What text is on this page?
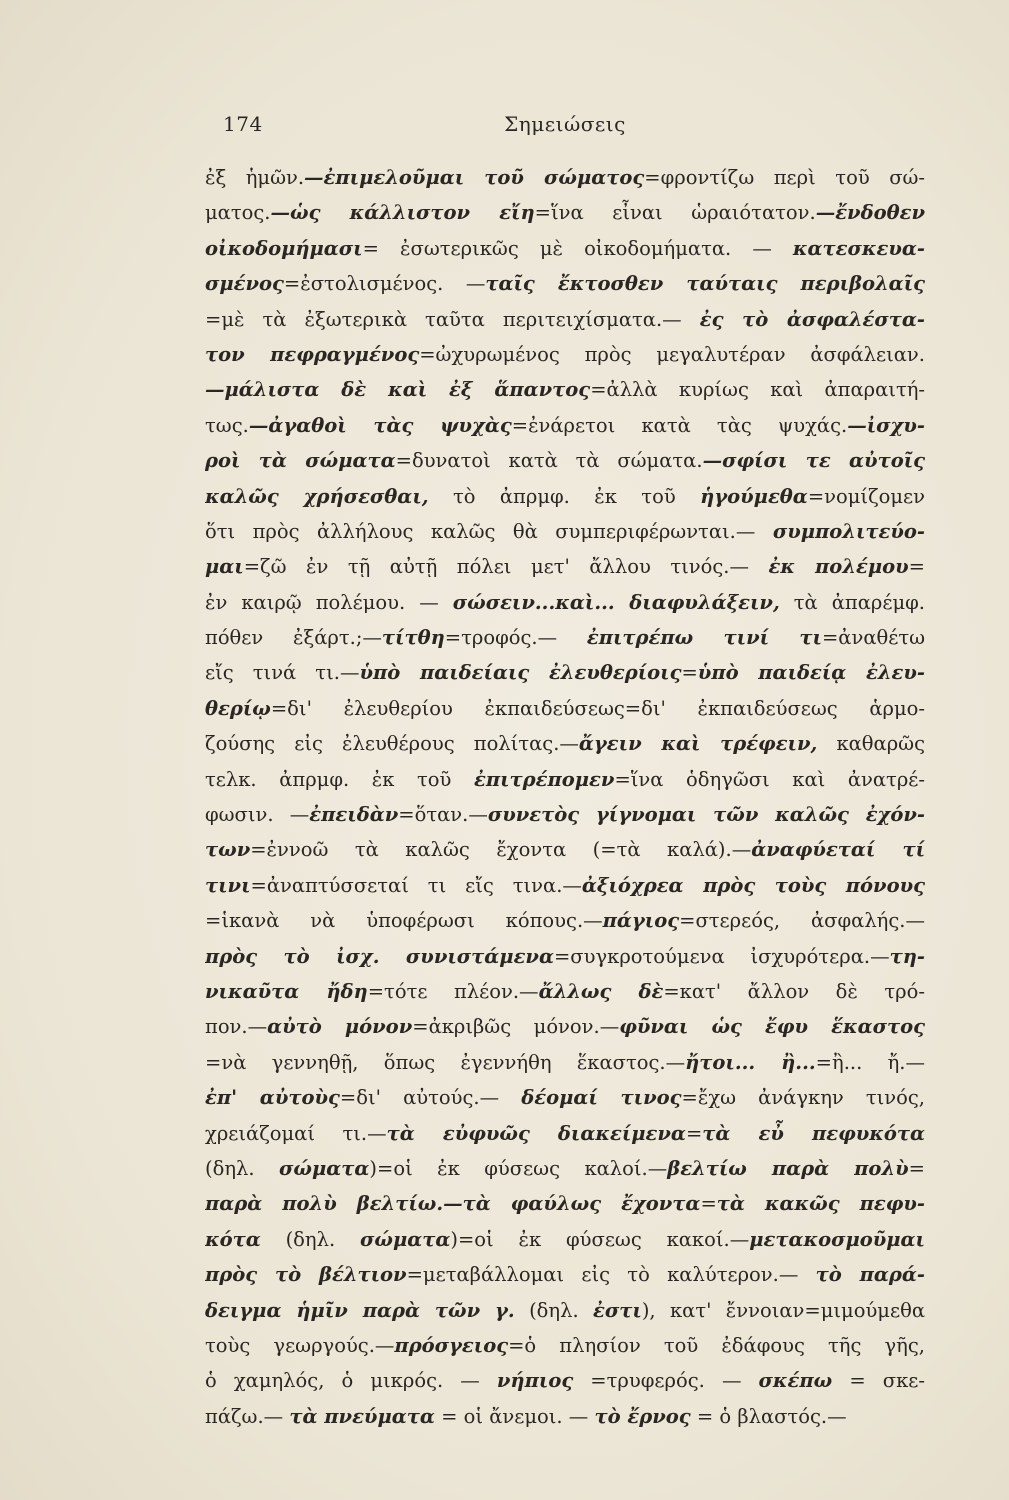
174	Σημειώσεις
ἐξ ἡμῶν.—ἐπιμελοῦμαι τοῦ σώματος=φροντίζω περὶ τοῦ σώ-
ματος.—ὡς κάλλιστον εἴη=ἵνα εἶναι ὡραιότατον.—ἔνδοθεν
οἰκοδομήμασι= ἐσωτερικῶς μὲ οἰκοδομήματα. — κατεσκευα-
σμένος=ἐστολισμένος. —ταῖς ἔκτοσθεν ταύταις περιβολαῖς
=μὲ τὰ ἐξωτερικὰ ταῦτα περιτειχίσματα.— ἐς τὸ ἀσφαλέστα-
τον πεφραγμένος=ὠχυρωμένος πρὸς μεγαλυτέραν ἀσφάλειαν.
—μάλιστα δὲ καὶ ἐξ ἅπαντος=ἀλλὰ κυρίως καὶ ἀπαραιτή-
τως.—ἀγαθοὶ τὰς ψυχὰς=ἐνάρετοι κατὰ τὰς ψυχάς.—ἰσχυ-
ροὶ τὰ σώματα=δυνατοὶ κατὰ τὰ σώματα.—σφίσι τε αὐτοῖς
καλῶς χρήσεσθαι, τὸ ἀπρμφ. ἐκ τοῦ ἡγούμεθα=νομίζομεν
ὅτι πρὸς ἀλλήλους καλῶς θὰ συμπεριφέρωνται.— συμπολιτεύο-
μαι=ζῶ ἐν τῇ αὐτῇ πόλει μετ' ἄλλου τινός.— ἐκ πολέμου=
ἐν καιρῷ πολέμου. — σώσειν...καὶ... διαφυλάξειν, τὰ ἀπαρέμφ.
πόθεν ἐξάρτ.;—τίτθη=τροφός.— ἐπιτρέπω τινί τι=ἀναθέτω
εἴς τινά τι.—ὑπὸ παιδείαις ἐλευθερίοις=ὑπὸ παιδείᾳ ἐλευ-
θερίῳ=δι' ἐλευθερίου ἐκπαιδεύσεως=δι' ἐκπαιδεύσεως ἁρμο-
ζούσης εἰς ἐλευθέρους πολίτας.—ἄγειν καὶ τρέφειν, καθαρῶς
τελκ. ἀπρμφ. ἐκ τοῦ ἐπιτρέπομεν=ἵνα ὁδηγῶσι καὶ ἀνατρέ-
φωσιν. —ἐπειδὰν=ὅταν.—συνετὸς γίγνομαι τῶν καλῶς ἐχόν-
των=ἐννοῶ τὰ καλῶς ἔχοντα (=τὰ καλά).—ἀναφύεταί τί
τινι=ἀναπτύσσεταί τι εἴς τινα.—ἀξιόχρεα πρὸς τοὺς πόνους
=ἱκανὰ νὰ ὑποφέρωσι κόπους.—πάγιος=στερεός, ἀσφαλής.—
πρὸς τὸ ἰσχ. συνιστάμενα=συγκροτούμενα ἰσχυρότερα.—τη-
νικαῦτα ἤδη=τότε πλέον.—ἄλλως δὲ=κατ' ἄλλον δὲ τρό-
πον.—αὐτὸ μόνον=ἀκριβῶς μόνον.—φῦναι ὡς ἔφυ ἕκαστος
=νὰ γεννηθῇ, ὅπως ἐγεννήθη ἕκαστος.—ἤτοι... ἢ...=ἢ... ἤ.—
ἐπ' αὐτοὺς=δι' αὐτούς.— δέομαί τινος=ἔχω ἀνάγκην τινός,
χρειάζομαί τι.—τὰ εὐφυῶς διακείμενα=τὰ εὖ πεφυκότα
(δηλ. σώματα)=οἱ ἐκ φύσεως καλοί.—βελτίω παρὰ πολὺ=
παρὰ πολὺ βελτίω.—τὰ φαύλως ἔχοντα=τὰ κακῶς πεφυ-
κότα (δηλ. σώματα)=οἱ ἐκ φύσεως κακοί.—μετακοσμοῦμαι
πρὸς τὸ βέλτιον=μεταβάλλομαι εἰς τὸ καλύτερον.— τὸ παρά-
δειγμα ἡμῖν παρὰ τῶν γ. (δηλ. ἐστι), κατ' ἔννοιαν=μιμούμεθα
τοὺς γεωργούς.—πρόσγειος=ὁ πλησίον τοῦ ἐδάφους τῆς γῆς,
ὁ χαμηλός, ὁ μικρός. — νήπιος =τρυφερός. — σκέπω = σκε-
πάζω.— τὰ πνεύματα = οἱ ἄνεμοι. — τὸ ἔρνος = ὁ βλαστός.—
